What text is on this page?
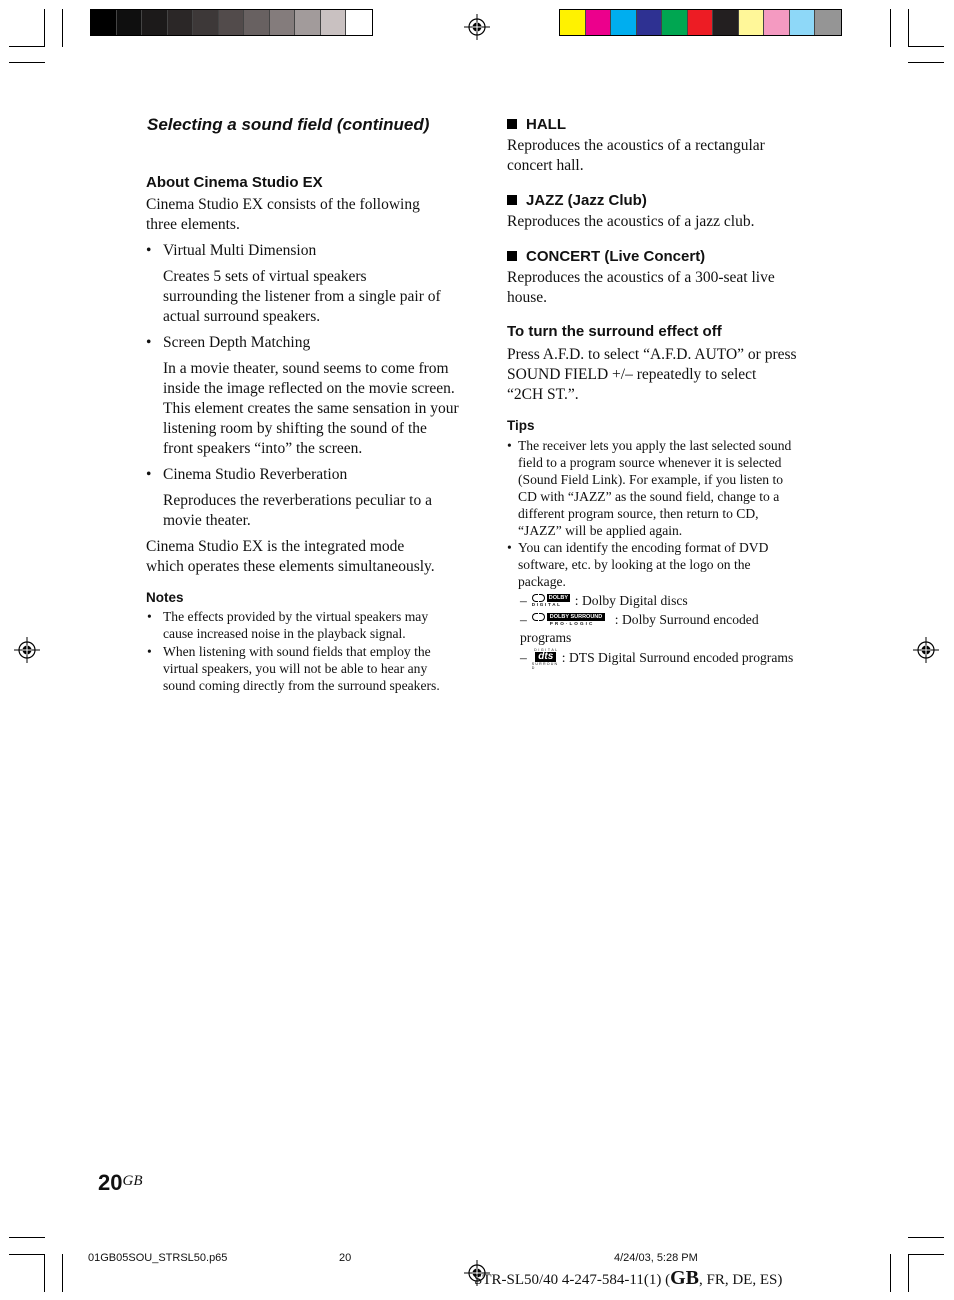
Selecting a sound field (continued)
About Cinema Studio EX

Cinema Studio EX consists of the following

three elements.

• Virtual Multi Dimension

Creates 5 sets of virtual speakers

surrounding the listener from a single pair of

actual surround speakers.

• Screen Depth Matching

In a movie theater, sound seems to come from

inside the image reflected on the movie screen.

This element creates the same sensation in your

listening room by shifting the sound of the

front speakers “into” the screen.

• Cinema Studio Reverberation

Reproduces the reverberations peculiar to a

movie theater.

Cinema Studio EX is the integrated mode

which operates these elements simultaneously.

Notes
• The effects provided by the virtual speakers may

cause increased noise in the playback signal.

• When listening with sound fields that employ the

virtual speakers, you will not be able to hear any

sound coming directly from the surround speakers.

HALL

Reproduces the acoustics of a rectangular

concert hall.

JAZZ (Jazz Club)

Reproduces the acoustics of a jazz club.

CONCERT (Live Concert)

Reproduces the acoustics of a 300-seat live

house.

To turn the surround effect off

Press A.F.D. to select “A.F.D. AUTO” or press

SOUND FIELD +/– repeatedly to select

“2CH ST.”.

Tips
• The receiver lets you apply the last selected sound

field to a program source whenever it is selected

(Sound Field Link). For example, if you listen to

CD with “JAZZ” as the sound field, change to a

different program source, then return to CD,

“JAZZ” will be applied again.

• You can identify the encoding format of DVD

software, etc. by looking at the logo on the

package.

–	DOLBY
D I G I T A L : Dolby Digital discs
–	DOLBY SURROUND
P R O · L O G I C : Dolby Surround encoded

programs

– D I G I T A L
dts
S U R R O U N D
: DTS Digital Surround encoded programs
$20^{GB}$
01GB05SOU_STRSL50.p65	20	4/24/03, 5:28 PM
STR-SL50/40 4-247-584-11(1) (GB, FR, DE, ES)
